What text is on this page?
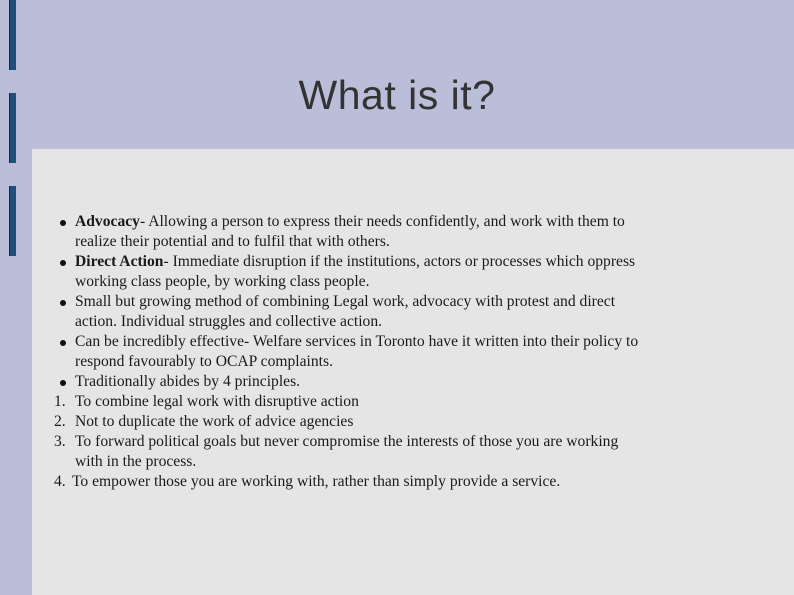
What is it?
Advocacy- Allowing a person to express their needs confidently, and work with them to
realize their potential and to fulfil that with others.
Direct Action- Immediate disruption if the institutions, actors or processes which oppress
working class people, by working class people.
Small but growing method of combining Legal work, advocacy with protest and direct
action. Individual struggles and collective action.
Can be incredibly effective- Welfare services in Toronto have it written into their policy to
respond favourably to OCAP complaints.
Traditionally abides by 4 principles.
1. To combine legal work with disruptive action
2. Not to duplicate the work of advice agencies
3. To forward political goals but never compromise the interests of those you are working
with in the process.
4. To empower those you are working with, rather than simply provide a service.
